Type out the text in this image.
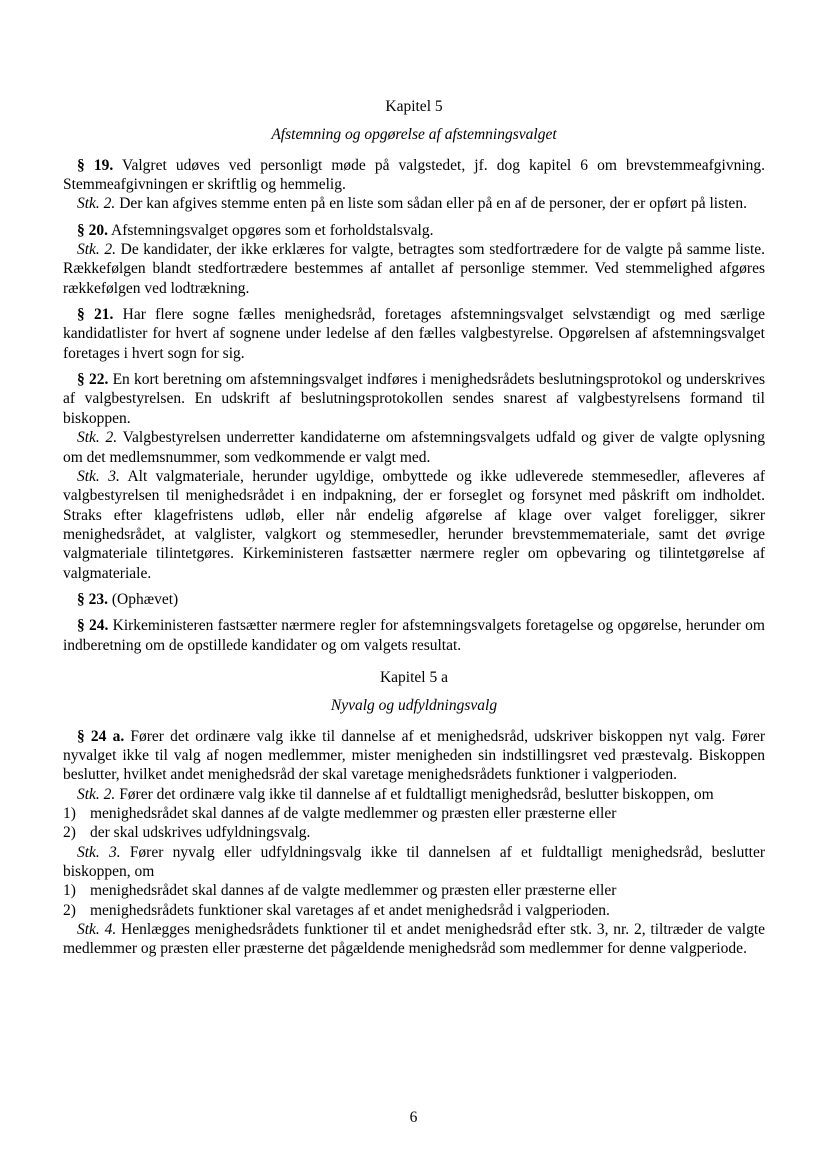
Kapitel 5
Afstemning og opgørelse af afstemningsvalget
§ 19. Valgret udøves ved personligt møde på valgstedet, jf. dog kapitel 6 om brevstemmeafgivning. Stemmeafgivningen er skriftlig og hemmelig.
Stk. 2. Der kan afgives stemme enten på en liste som sådan eller på en af de personer, der er opført på listen.
§ 20. Afstemningsvalget opgøres som et forholdstalsvalg.
Stk. 2. De kandidater, der ikke erklæres for valgte, betragtes som stedfortrædere for de valgte på samme liste. Rækkefølgen blandt stedfortrædere bestemmes af antallet af personlige stemmer. Ved stemmelighed afgøres rækkefølgen ved lodtrækning.
§ 21. Har flere sogne fælles menighedsråd, foretages afstemningsvalget selvstændigt og med særlige kandidatlister for hvert af sognene under ledelse af den fælles valgbestyrelse. Opgørelsen af afstemningsvalget foretages i hvert sogn for sig.
§ 22. En kort beretning om afstemningsvalget indføres i menighedsrådets beslutningsprotokol og underskrives af valgbestyrelsen. En udskrift af beslutningsprotokollen sendes snarest af valgbestyrelsens formand til biskoppen.
Stk. 2. Valgbestyrelsen underretter kandidaterne om afstemningsvalgets udfald og giver de valgte oplysning om det medlemsnummer, som vedkommende er valgt med.
Stk. 3. Alt valgmateriale, herunder ugyldige, ombyttede og ikke udleverede stemmesedler, afleveres af valgbestyrelsen til menighedsrådet i en indpakning, der er forseglet og forsynet med påskrift om indholdet. Straks efter klagefristens udløb, eller når endelig afgørelse af klage over valget foreligger, sikrer menighedsrådet, at valglister, valgkort og stemmesedler, herunder brevstemmemateriale, samt det øvrige valgmateriale tilintetgøres. Kirkeministeren fastsætter nærmere regler om opbevaring og tilintetgørelse af valgmateriale.
§ 23. (Ophævet)
§ 24. Kirkeministeren fastsætter nærmere regler for afstemningsvalgets foretagelse og opgørelse, herunder om indberetning om de opstillede kandidater og om valgets resultat.
Kapitel 5 a
Nyvalg og udfyldningsvalg
§ 24 a. Fører det ordinære valg ikke til dannelse af et menighedsråd, udskriver biskoppen nyt valg. Fører nyvalget ikke til valg af nogen medlemmer, mister menigheden sin indstillingsret ved præstevalg. Biskoppen beslutter, hvilket andet menighedsråd der skal varetage menighedsrådets funktioner i valgperioden.
Stk. 2. Fører det ordinære valg ikke til dannelse af et fuldtalligt menighedsråd, beslutter biskoppen, om
1) menighedsrådet skal dannes af de valgte medlemmer og præsten eller præsterne eller
2) der skal udskrives udfyldningsvalg.
Stk. 3. Fører nyvalg eller udfyldningsvalg ikke til dannelsen af et fuldtalligt menighedsråd, beslutter biskoppen, om
1) menighedsrådet skal dannes af de valgte medlemmer og præsten eller præsterne eller
2) menighedsrådets funktioner skal varetages af et andet menighedsråd i valgperioden.
Stk. 4. Henlægges menighedsrådets funktioner til et andet menighedsråd efter stk. 3, nr. 2, tiltræder de valgte medlemmer og præsten eller præsterne det pågældende menighedsråd som medlemmer for denne valgperiode.
6
